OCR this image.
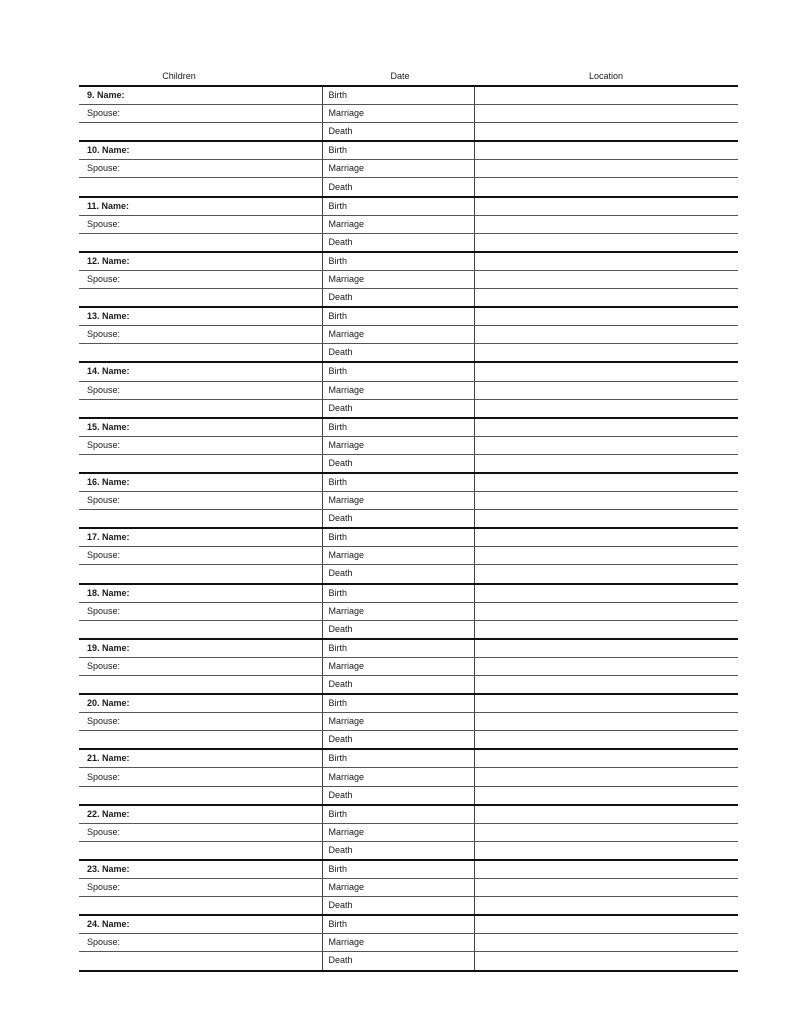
Children	Date	Location
9. Name:	Birth	
Spouse:	Marriage	
	Death	
10. Name:	Birth	
Spouse:	Marriage	
	Death	
11. Name:	Birth	
Spouse:	Marriage	
	Death	
12. Name:	Birth	
Spouse:	Marriage	
	Death	
13. Name:	Birth	
Spouse:	Marriage	
	Death	
14. Name:	Birth	
Spouse:	Marriage	
	Death	
15. Name:	Birth	
Spouse:	Marriage	
	Death	
16. Name:	Birth	
Spouse:	Marriage	
	Death	
17. Name:	Birth	
Spouse:	Marriage	
	Death	
18. Name:	Birth	
Spouse:	Marriage	
	Death	
19. Name:	Birth	
Spouse:	Marriage	
	Death	
20. Name:	Birth	
Spouse:	Marriage	
	Death	
21. Name:	Birth	
Spouse:	Marriage	
	Death	
22. Name:	Birth	
Spouse:	Marriage	
	Death	
23. Name:	Birth	
Spouse:	Marriage	
	Death	
24. Name:	Birth	
Spouse:	Marriage	
	Death	
